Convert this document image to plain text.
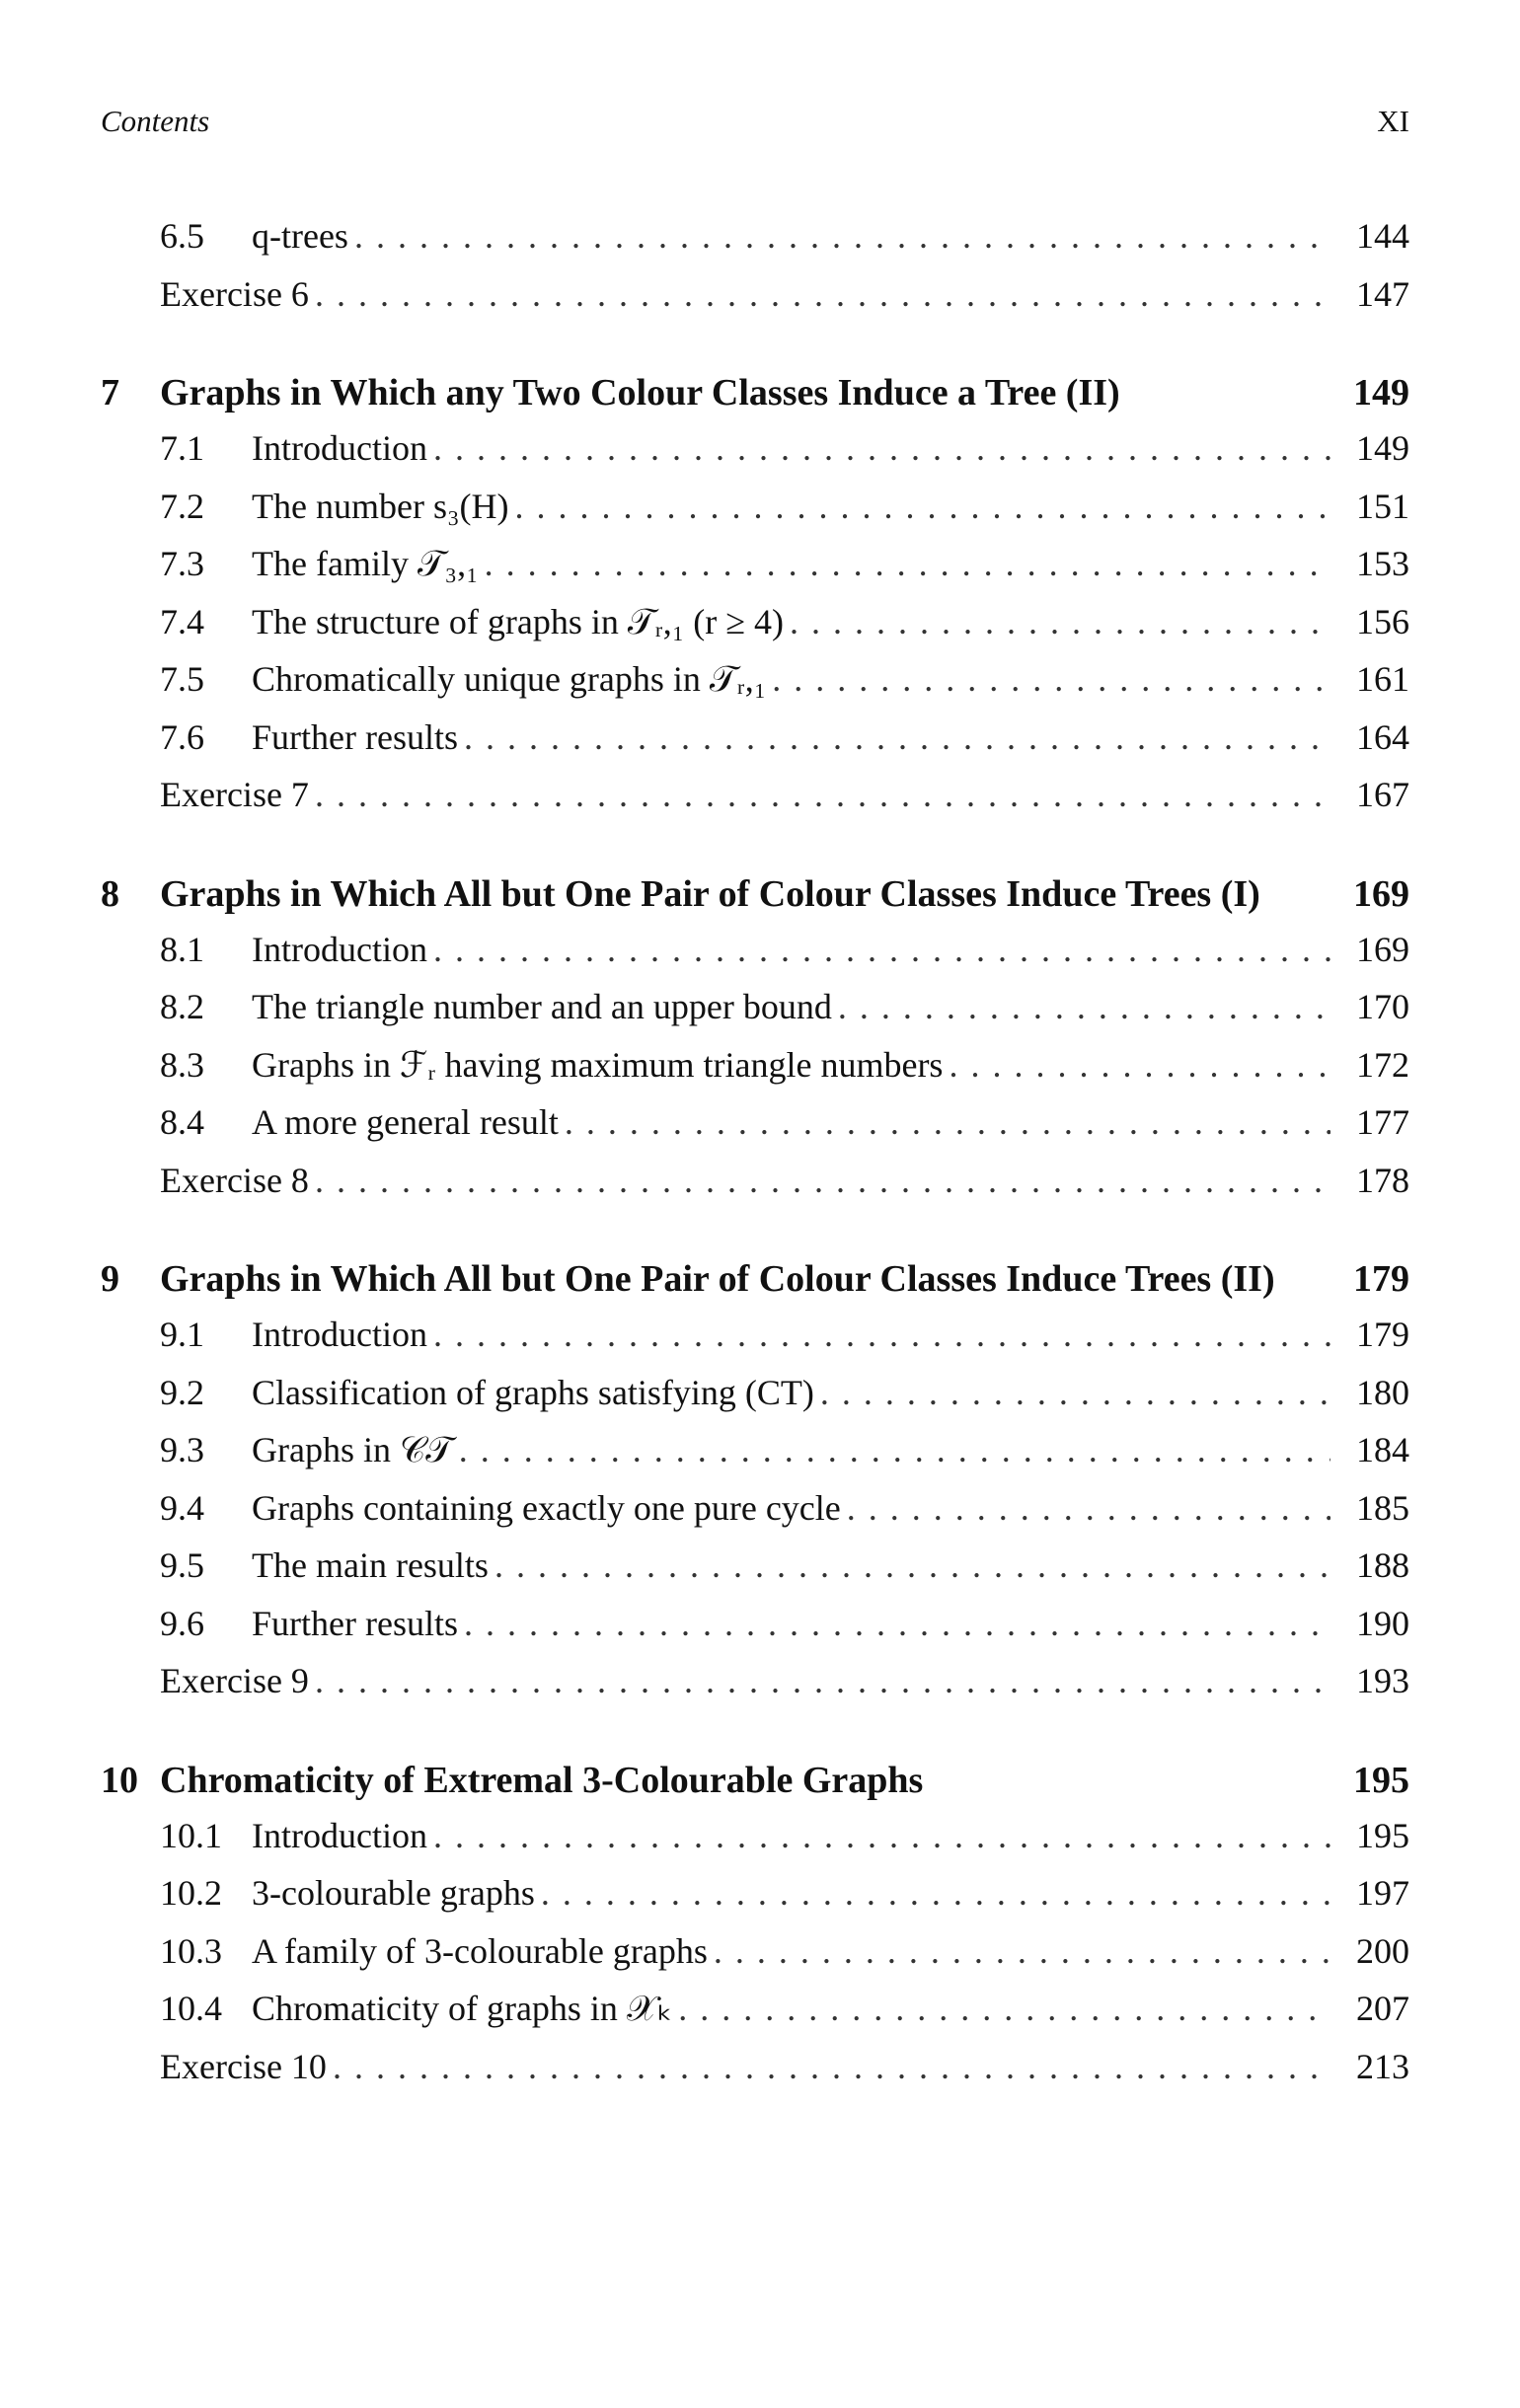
Contents	XI
6.5	q-trees . . .	144
Exercise 6 . . .	147
7	Graphs in Which any Two Colour Classes Induce a Tree (II)	149
7.1	Introduction . . .	149
7.2	The number s₃(H) . . .	151
7.3	The family 𝒯₃,₁ . . .	153
7.4	The structure of graphs in 𝒯ᵣ,₁ (r ≥ 4) . . .	156
7.5	Chromatically unique graphs in 𝒯ᵣ,₁ . . .	161
7.6	Further results . . .	164
Exercise 7 . . .	167
8	Graphs in Which All but One Pair of Colour Classes Induce Trees (I)	169
8.1	Introduction . . .	169
8.2	The triangle number and an upper bound . . .	170
8.3	Graphs in ℱᵣ having maximum triangle numbers . . .	172
8.4	A more general result . . .	177
Exercise 8 . . .	178
9	Graphs in Which All but One Pair of Colour Classes Induce Trees (II)	179
9.1	Introduction . . .	179
9.2	Classification of graphs satisfying (CT) . . .	180
9.3	Graphs in 𝒞𝒯 . . .	184
9.4	Graphs containing exactly one pure cycle . . .	185
9.5	The main results . . .	188
9.6	Further results . . .	190
Exercise 9 . . .	193
10 Chromaticity of Extremal 3-Colourable Graphs	195
10.1 Introduction . . .	195
10.2 3-colourable graphs . . .	197
10.3 A family of 3-colourable graphs . . .	200
10.4 Chromaticity of graphs in 𝒳ₖ . . .	207
Exercise 10 . . .	213
